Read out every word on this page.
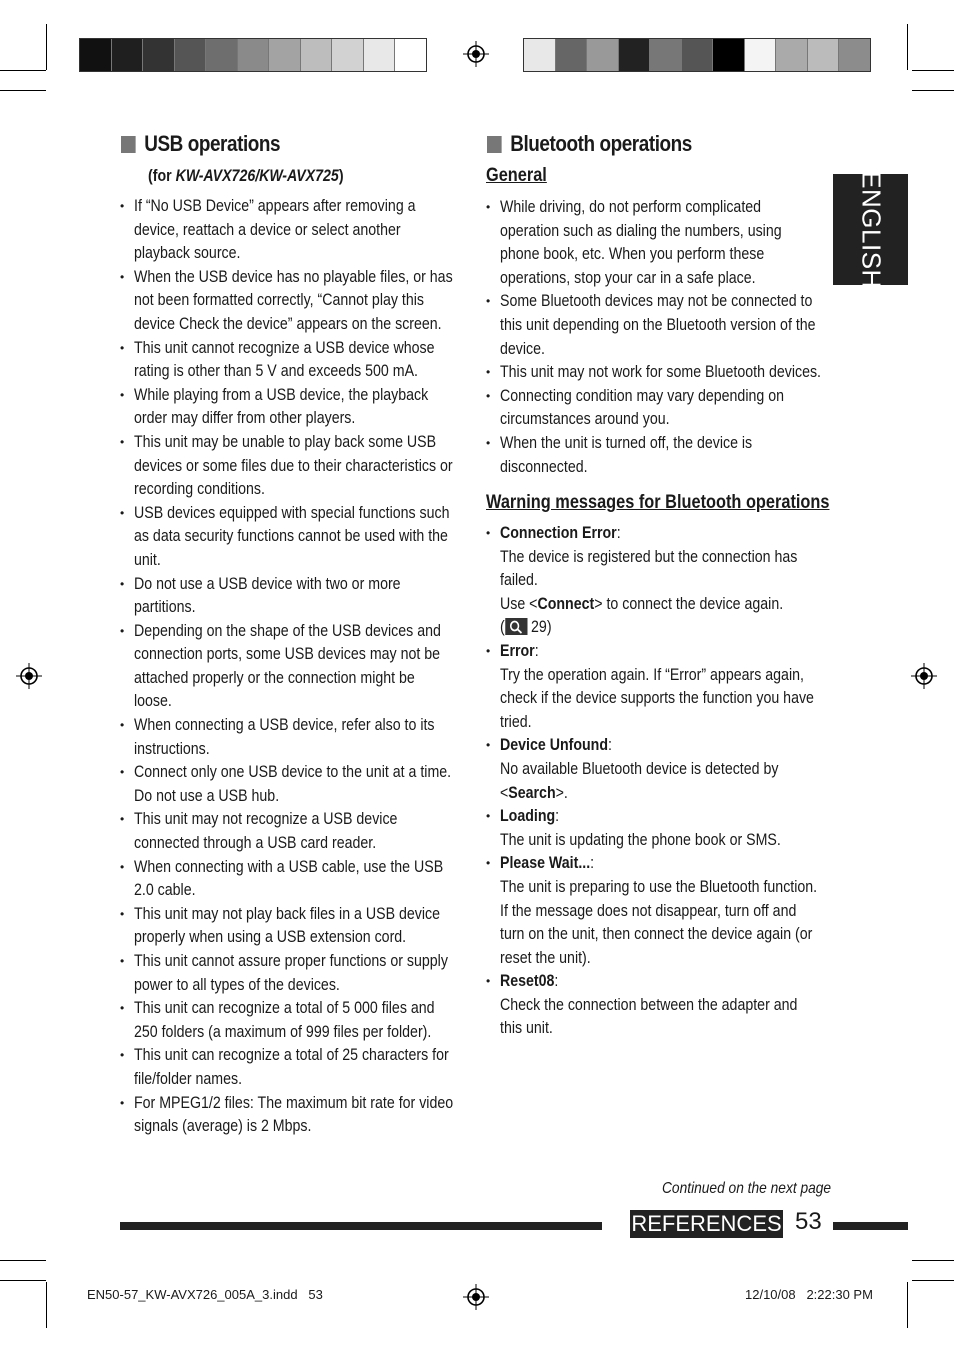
ENGLISH
USB operations
(for KW-AVX726/KW-AVX725)
• If “No USB Device” appears after removing a device, reattach a device or select another playback source.
• When the USB device has no playable files, or has not been formatted correctly, “Cannot play this device Check the device” appears on the screen.
• This unit cannot recognize a USB device whose rating is other than 5 V and exceeds 500 mA.
• While playing from a USB device, the playback order may differ from other players.
• This unit may be unable to play back some USB devices or some files due to their characteristics or recording conditions.
• USB devices equipped with special functions such as data security functions cannot be used with the unit.
• Do not use a USB device with two or more partitions.
• Depending on the shape of the USB devices and connection ports, some USB devices may not be attached properly or the connection might be loose.
• When connecting a USB device, refer also to its instructions.
• Connect only one USB device to the unit at a time. Do not use a USB hub.
• This unit may not recognize a USB device connected through a USB card reader.
• When connecting with a USB cable, use the USB 2.0 cable.
• This unit may not play back files in a USB device properly when using a USB extension cord.
• This unit cannot assure proper functions or supply power to all types of the devices.
• This unit can recognize a total of 5 000 files and 250 folders (a maximum of 999 files per folder).
• This unit can recognize a total of 25 characters for file/folder names.
• For MPEG1/2 files: The maximum bit rate for video signals (average) is 2 Mbps.
Bluetooth operations
General
• While driving, do not perform complicated operation such as dialing the numbers, using phone book, etc. When you perform these operations, stop your car in a safe place.
• Some Bluetooth devices may not be connected to this unit depending on the Bluetooth version of the device.
• This unit may not work for some Bluetooth devices.
• Connecting condition may vary depending on circumstances around you.
• When the unit is turned off, the device is disconnected.
Warning messages for Bluetooth operations
• Connection Error:
The device is registered but the connection has failed.
Use <Connect> to connect the device again.
( 29)
• Error:
Try the operation again. If “Error” appears again, check if the device supports the function you have tried.
• Device Unfound:
No available Bluetooth device is detected by
<Search>.
• Loading:
The unit is updating the phone book or SMS.
• Please Wait...:
The unit is preparing to use the Bluetooth function. If the message does not disappear, turn off and turn on the unit, then connect the device again (or reset the unit).
• Reset08:
Check the connection between the adapter and this unit.
Continued on the next page
REFERENCES 53
EN50-57_KW-AVX726_005A_3.indd   53	12/10/08   2:22:30 PM
